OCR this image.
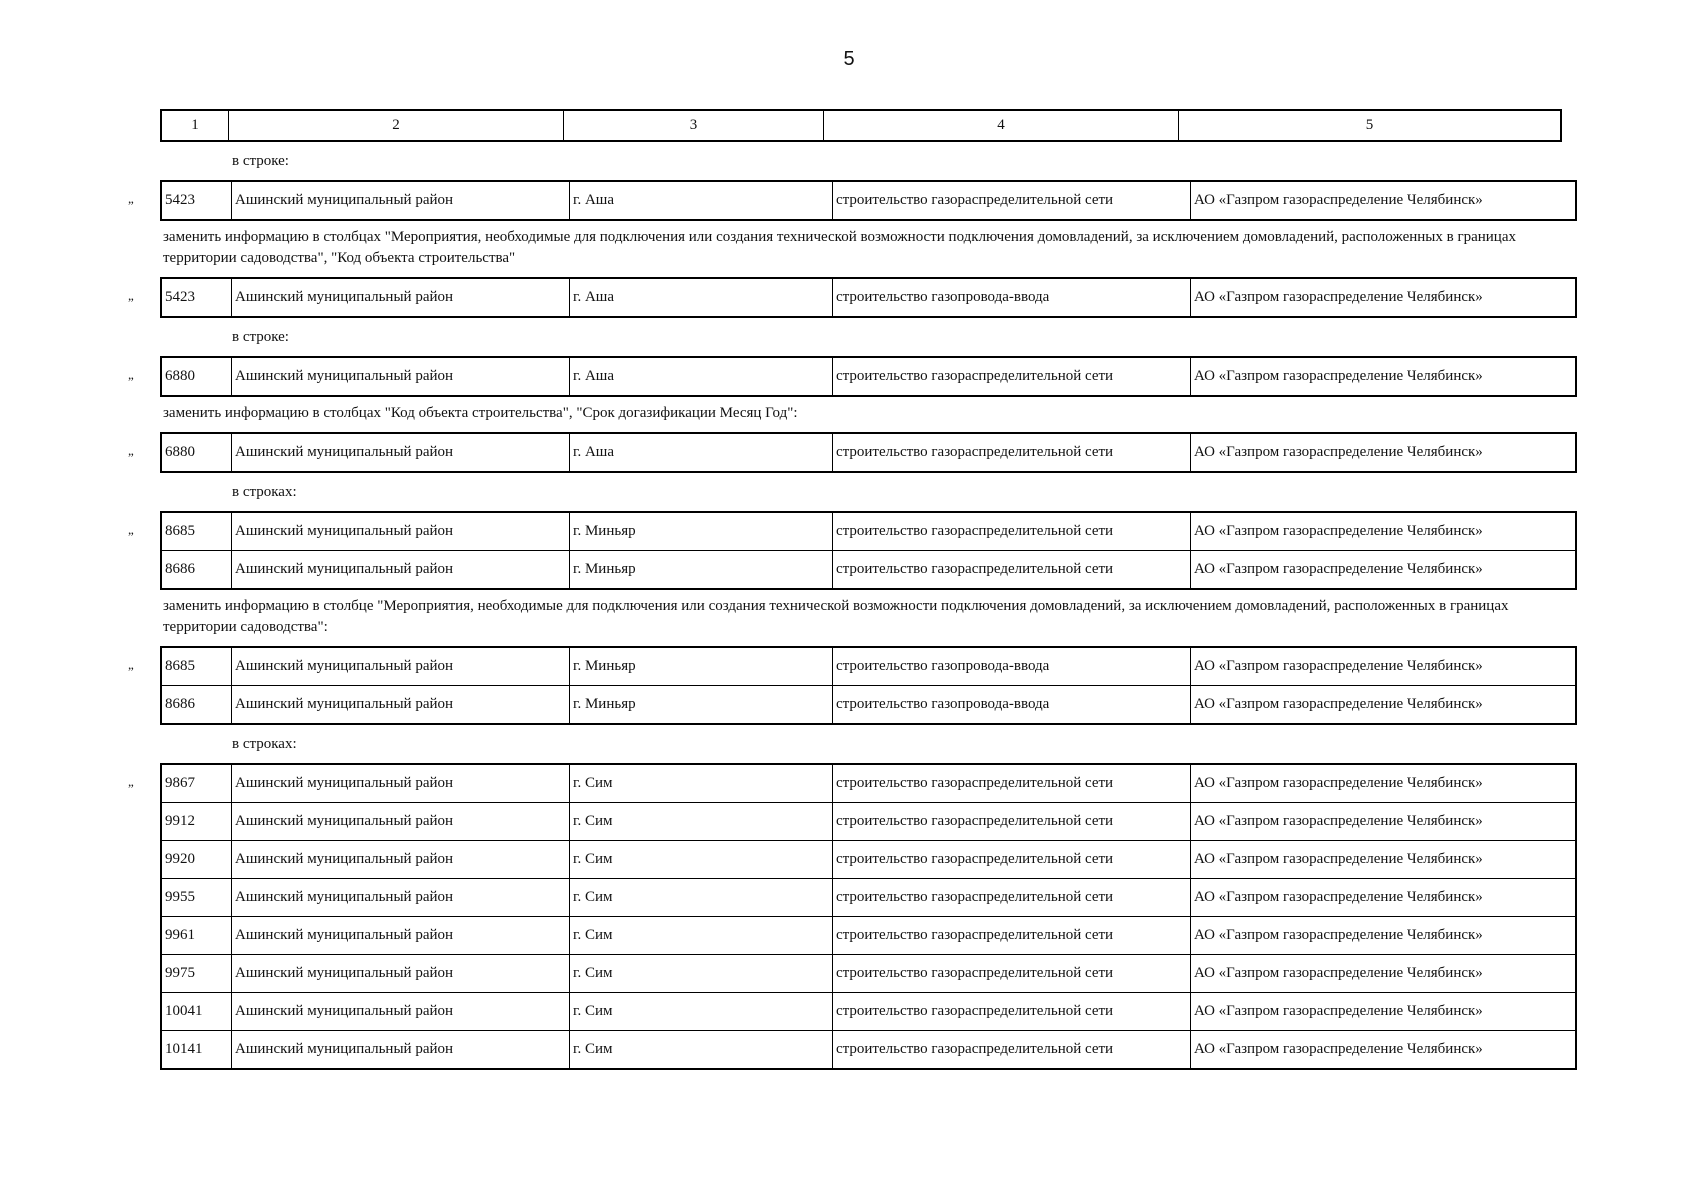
5
1	2	3	4	5
в строке:
„ 5423	Ашинский муниципальный район	г. Аша	строительство газораспределительной сети	АО «Газпром газораспределение Челябинск»
заменить информацию в столбцах "Мероприятия, необходимые для подключения или создания технической возможности подключения домовладений, за исключением домовладений, расположенных в границах территории садоводства", "Код объекта строительства"
„ 5423	Ашинский муниципальный район	г. Аша	строительство газопровода-ввода	АО «Газпром газораспределение Челябинск»
в строке:
„ 6880	Ашинский муниципальный район	г. Аша	строительство газораспределительной сети	АО «Газпром газораспределение Челябинск»
заменить информацию в столбцах "Код объекта строительства", "Срок догазификации Месяц Год":
„ 6880	Ашинский муниципальный район	г. Аша	строительство газораспределительной сети	АО «Газпром газораспределение Челябинск»
в строках:
„ 8685	Ашинский муниципальный район	г. Миньяр	строительство газораспределительной сети	АО «Газпром газораспределение Челябинск»
8686	Ашинский муниципальный район	г. Миньяр	строительство газораспределительной сети	АО «Газпром газораспределение Челябинск»
заменить информацию в столбце "Мероприятия, необходимые для подключения или создания технической возможности подключения домовладений, за исключением домовладений, расположенных в границах территории садоводства":
„ 8685	Ашинский муниципальный район	г. Миньяр	строительство газопровода-ввода	АО «Газпром газораспределение Челябинск»
8686	Ашинский муниципальный район	г. Миньяр	строительство газопровода-ввода	АО «Газпром газораспределение Челябинск»
в строках:
„ 9867	Ашинский муниципальный район	г. Сим	строительство газораспределительной сети	АО «Газпром газораспределение Челябинск»
9912	Ашинский муниципальный район	г. Сим	строительство газораспределительной сети	АО «Газпром газораспределение Челябинск»
9920	Ашинский муниципальный район	г. Сим	строительство газораспределительной сети	АО «Газпром газораспределение Челябинск»
9955	Ашинский муниципальный район	г. Сим	строительство газораспределительной сети	АО «Газпром газораспределение Челябинск»
9961	Ашинский муниципальный район	г. Сим	строительство газораспределительной сети	АО «Газпром газораспределение Челябинск»
9975	Ашинский муниципальный район	г. Сим	строительство газораспределительной сети	АО «Газпром газораспределение Челябинск»
10041	Ашинский муниципальный район	г. Сим	строительство газораспределительной сети	АО «Газпром газораспределение Челябинск»
10141	Ашинский муниципальный район	г. Сим	строительство газораспределительной сети	АО «Газпром газораспределение Челябинск»
